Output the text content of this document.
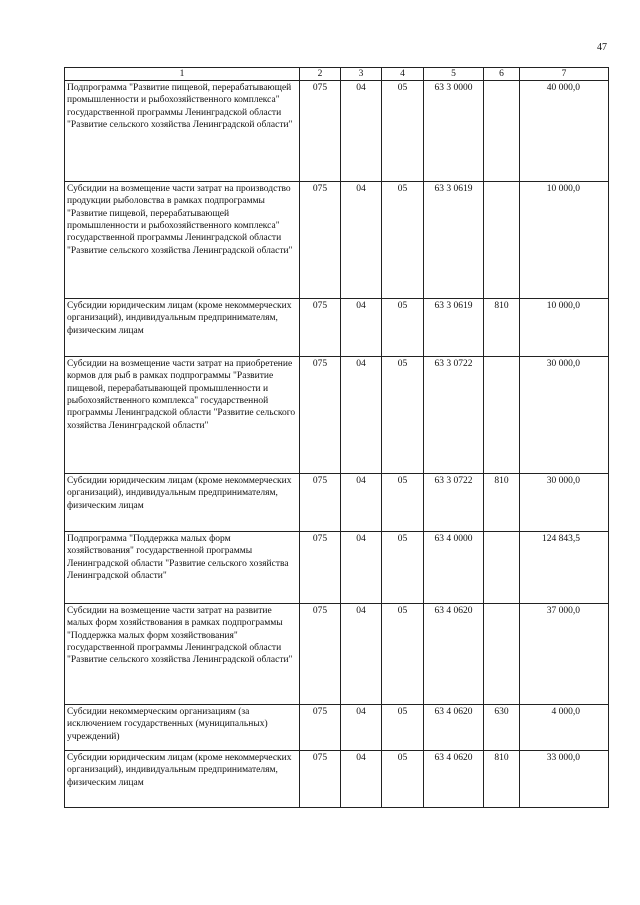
47
1	2	3	4	5	6	7
Подпрограмма "Развитие пищевой, перерабатывающей промышленности и рыбохозяйственного комплекса" государственной программы Ленинградской области "Развитие сельского хозяйства Ленинградской области"	075	04	05	63 3 0000		40 000,0
Субсидии на возмещение части затрат на производство продукции рыболовства в рамках подпрограммы "Развитие пищевой, перерабатывающей промышленности и рыбохозяйственного комплекса" государственной программы Ленинградской области "Развитие сельского хозяйства Ленинградской области"	075	04	05	63 3 0619		10 000,0
Субсидии юридическим лицам (кроме некоммерческих организаций), индивидуальным предпринимателям, физическим лицам	075	04	05	63 3 0619	810	10 000,0
Субсидии на возмещение части затрат на приобретение кормов для рыб в рамках подпрограммы "Развитие пищевой, перерабатывающей промышленности и рыбохозяйственного комплекса" государственной программы Ленинградской области "Развитие сельского хозяйства Ленинградской области"	075	04	05	63 3 0722		30 000,0
Субсидии юридическим лицам (кроме некоммерческих организаций), индивидуальным предпринимателям, физическим лицам	075	04	05	63 3 0722	810	30 000,0
Подпрограмма "Поддержка малых форм хозяйствования" государственной программы Ленинградской области "Развитие сельского хозяйства Ленинградской области"	075	04	05	63 4 0000		124 843,5
Субсидии на возмещение части затрат на развитие малых форм хозяйствования в рамках подпрограммы "Поддержка малых форм хозяйствования" государственной программы Ленинградской области "Развитие сельского хозяйства Ленинградской области"	075	04	05	63 4 0620		37 000,0
Субсидии некоммерческим организациям (за исключением государственных (муниципальных) учреждений)	075	04	05	63 4 0620	630	4 000,0
Субсидии юридическим лицам (кроме некоммерческих организаций), индивидуальным предпринимателям, физическим лицам	075	04	05	63 4 0620	810	33 000,0
